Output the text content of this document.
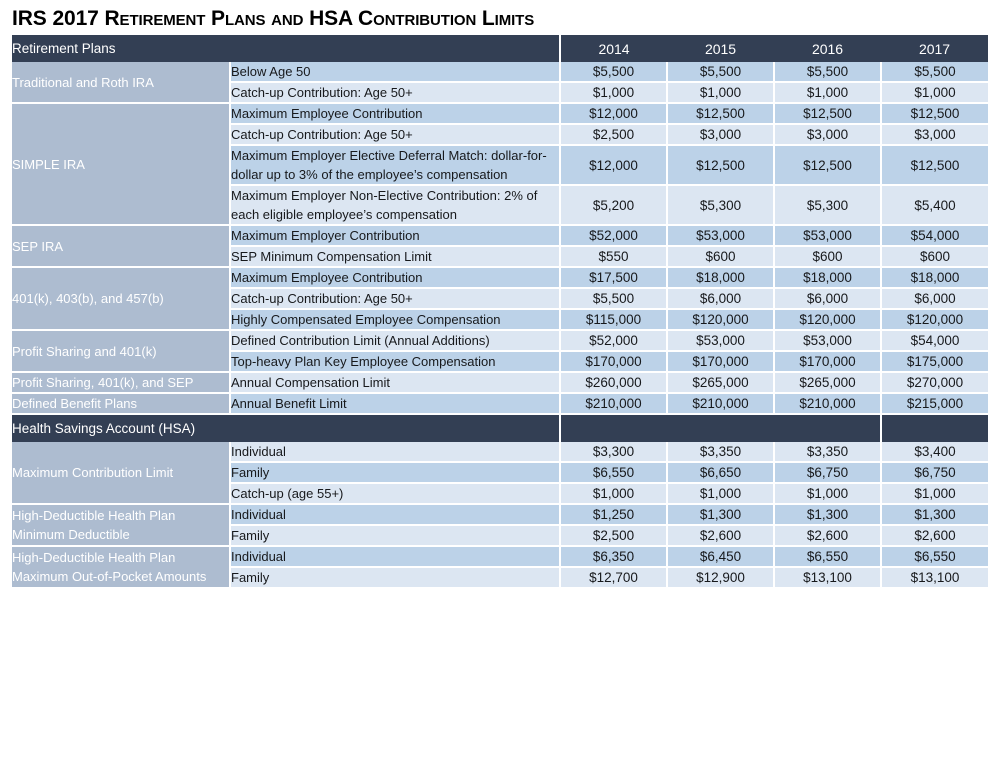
IRS 2017 Retirement Plans and HSA Contribution Limits
Retirement Plans		2014	2015	2016	2017
Traditional and Roth IRA	Below Age 50	$5,500	$5,500	$5,500	$5,500
	Catch-up Contribution: Age 50+	$1,000	$1,000	$1,000	$1,000
SIMPLE IRA	Maximum Employee Contribution	$12,000	$12,500	$12,500	$12,500
	Catch-up Contribution: Age 50+	$2,500	$3,000	$3,000	$3,000
	Maximum Employer Elective Deferral Match: dollar-for-dollar up to 3% of the employee’s compensation	$12,000	$12,500	$12,500	$12,500
	Maximum Employer Non-Elective Contribution: 2% of each eligible employee’s compensation	$5,200	$5,300	$5,300	$5,400
SEP IRA	Maximum Employer Contribution	$52,000	$53,000	$53,000	$54,000
	SEP Minimum Compensation Limit	$550	$600	$600	$600
401(k), 403(b), and 457(b)	Maximum Employee Contribution	$17,500	$18,000	$18,000	$18,000
	Catch-up Contribution: Age 50+	$5,500	$6,000	$6,000	$6,000
	Highly Compensated Employee Compensation	$115,000	$120,000	$120,000	$120,000
Profit Sharing and 401(k)	Defined Contribution Limit (Annual Additions)	$52,000	$53,000	$53,000	$54,000
	Top-heavy Plan Key Employee Compensation	$170,000	$170,000	$170,000	$175,000
Profit Sharing, 401(k), and SEP	Annual Compensation Limit	$260,000	$265,000	$265,000	$270,000
Defined Benefit Plans	Annual Benefit Limit	$210,000	$210,000	$210,000	$215,000
Health Savings Account (HSA)					
Maximum Contribution Limit	Individual	$3,300	$3,350	$3,350	$3,400
	Family	$6,550	$6,650	$6,750	$6,750
	Catch-up (age 55+)	$1,000	$1,000	$1,000	$1,000
High-Deductible Health Plan Minimum Deductible	Individual	$1,250	$1,300	$1,300	$1,300
	Family	$2,500	$2,600	$2,600	$2,600
High-Deductible Health Plan Maximum Out-of-Pocket Amounts	Individual	$6,350	$6,450	$6,550	$6,550
	Family	$12,700	$12,900	$13,100	$13,100
